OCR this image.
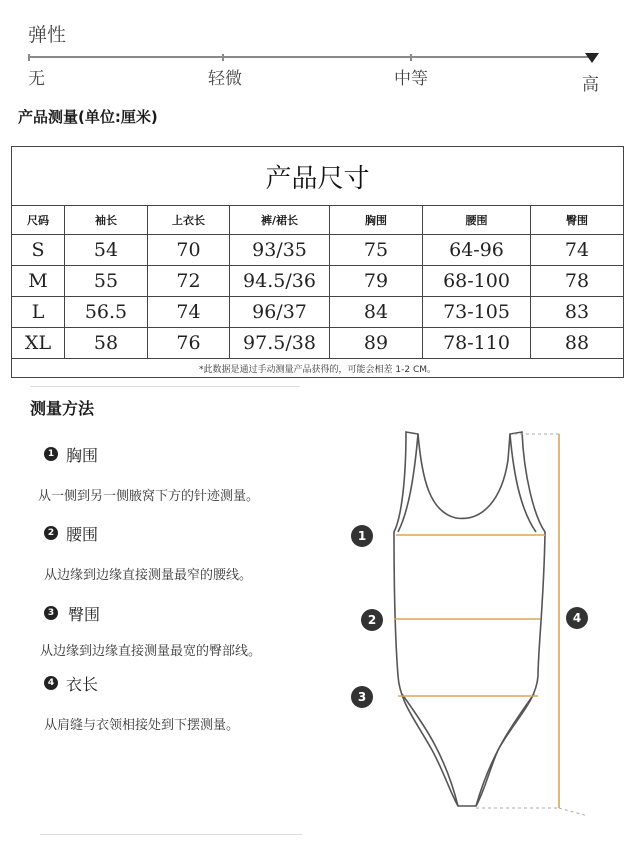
弹性
无	轻微	中等	高
产品测量(单位:厘米)
产品尺寸						
尺码	袖长	上衣长	裤/裙长	胸围	腰围	臀围
S	54	70	93/35	75	64-96	74
M	55	72	94.5/36	79	68-100	78
L	56.5	74	96/37	84	73-105	83
XL	58	76	97.5/38	89	78-110	88
*此数据是通过手动测量产品获得的，可能会相差 1-2 CM。						
测量方法
1 胸围
从一侧到另一侧腋窝下方的针迹测量。
2 腰围
从边缘到边缘直接测量最窄的腰线。
3 臀围
从边缘到边缘直接测量最宽的臀部线。
4 衣长
从肩缝与衣领相接处到下摆测量。
1
2
3
4
